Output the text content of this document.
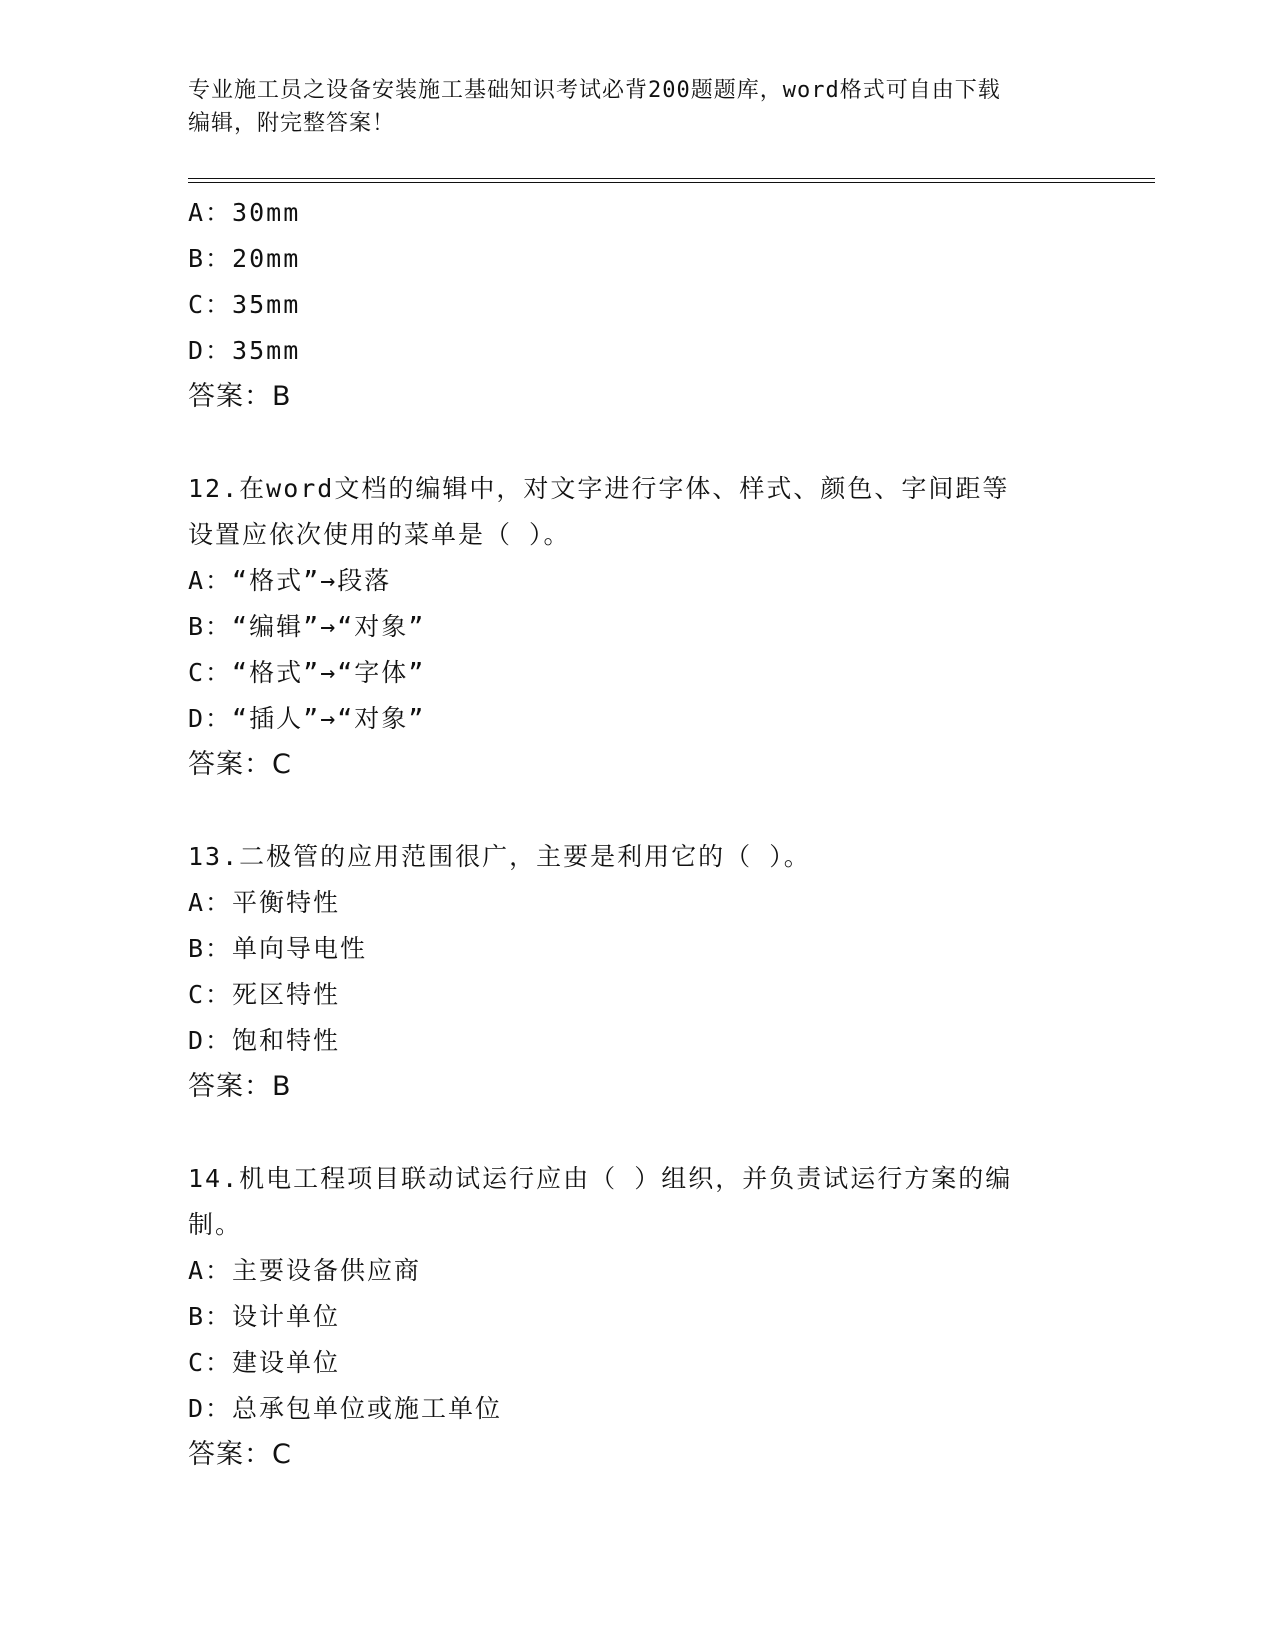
专业施工员之设备安装施工基础知识考试必背200题题库，word格式可自由下载
编辑，附完整答案！
A：30mm
B：20mm
C：35mm
D：35mm
答案：B
12.在word文档的编辑中，对文字进行字体、样式、颜色、字间距等
设置应依次使用的菜单是（ ）。
A：“格式”→段落
B：“编辑”→“对象”
C：“格式”→“字体”
D：“插人”→“对象”
答案：C
13.二极管的应用范围很广，主要是利用它的（ ）。
A：平衡特性
B：单向导电性
C：死区特性
D：饱和特性
答案：B
14.机电工程项目联动试运行应由（ ）组织，并负责试运行方案的编
制。
A：主要设备供应商
B：设计单位
C：建设单位
D：总承包单位或施工单位
答案：C
